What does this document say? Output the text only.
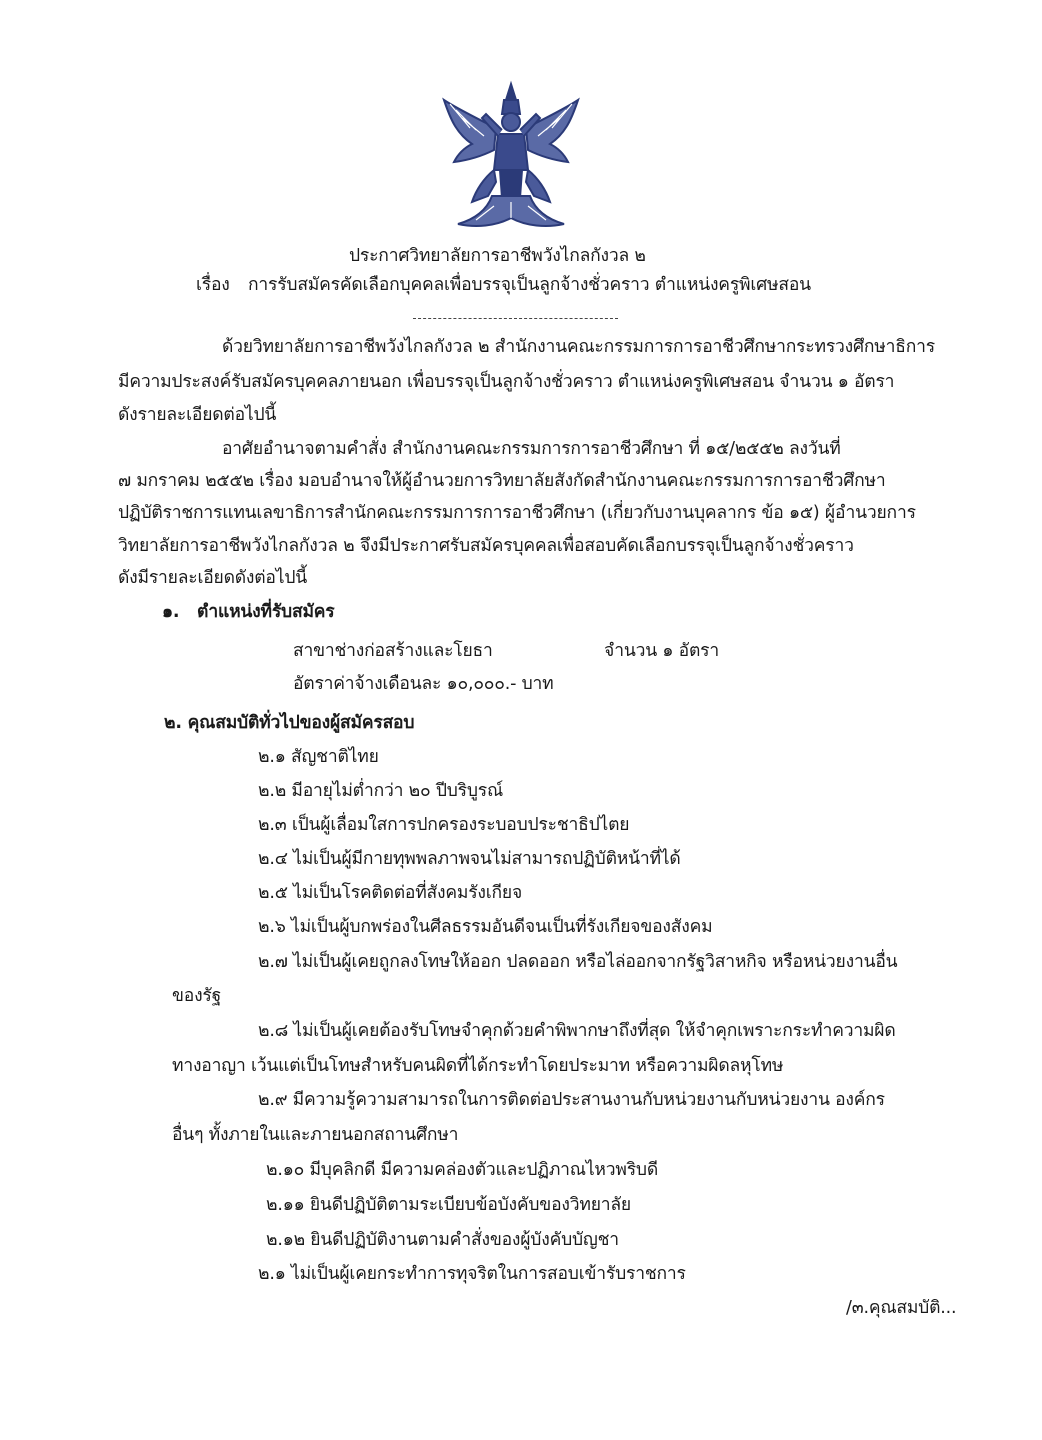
ประกาศวิทยาลัยการอาชีพวังไกลกังวล ๒
เรื่อง การรับสมัครคัดเลือกบุคคลเพื่อบรรจุเป็นลูกจ้างชั่วคราว ตำแหน่งครูพิเศษสอน
ด้วยวิทยาลัยการอาชีพวังไกลกังวล ๒ สำนักงานคณะกรรมการการอาชีวศึกษากระทรวงศึกษาธิการ
มีความประสงค์รับสมัครบุคคลภายนอก เพื่อบรรจุเป็นลูกจ้างชั่วคราว ตำแหน่งครูพิเศษสอน จำนวน ๑ อัตรา
ดังรายละเอียดต่อไปนี้
อาศัยอำนาจตามคำสั่ง สำนักงานคณะกรรมการการอาชีวศึกษา ที่ ๑๕/๒๕๕๒ ลงวันที่
๗ มกราคม ๒๕๕๒ เรื่อง มอบอำนาจให้ผู้อำนวยการวิทยาลัยสังกัดสำนักงานคณะกรรมการการอาชีวศึกษา
ปฏิบัติราชการแทนเลขาธิการสำนักคณะกรรมการการอาชีวศึกษา (เกี่ยวกับงานบุคลากร ข้อ ๑๕) ผู้อำนวยการ
วิทยาลัยการอาชีพวังไกลกังวล ๒ จึงมีประกาศรับสมัครบุคคลเพื่อสอบคัดเลือกบรรจุเป็นลูกจ้างชั่วคราว
ดังมีรายละเอียดดังต่อไปนี้
๑. ตำแหน่งที่รับสมัคร
สาขาช่างก่อสร้างและโยธา	จำนวน ๑ อัตรา
อัตราค่าจ้างเดือนละ ๑๐,๐๐๐.- บาท
๒. คุณสมบัติทั่วไปของผู้สมัครสอบ
๒.๑ สัญชาติไทย
๒.๒ มีอายุไม่ต่ำกว่า ๒๐ ปีบริบูรณ์
๒.๓ เป็นผู้เลื่อมใสการปกครองระบอบประชาธิปไตย
๒.๔ ไม่เป็นผู้มีกายทุพพลภาพจนไม่สามารถปฏิบัติหน้าที่ได้
๒.๕ ไม่เป็นโรคติดต่อที่สังคมรังเกียจ
๒.๖ ไม่เป็นผู้บกพร่องในศีลธรรมอันดีจนเป็นที่รังเกียจของสังคม
๒.๗ ไม่เป็นผู้เคยถูกลงโทษให้ออก ปลดออก หรือไล่ออกจากรัฐวิสาหกิจ หรือหน่วยงานอื่น
ของรัฐ
๒.๘ ไม่เป็นผู้เคยต้องรับโทษจำคุกด้วยคำพิพากษาถึงที่สุด ให้จำคุกเพราะกระทำความผิด
ทางอาญา เว้นแต่เป็นโทษสำหรับคนผิดที่ได้กระทำโดยประมาท หรือความผิดลหุโทษ
๒.๙ มีความรู้ความสามารถในการติดต่อประสานงานกับหน่วยงานกับหน่วยงาน องค์กร
อื่นๆ ทั้งภายในและภายนอกสถานศึกษา
๒.๑๐ มีบุคลิกดี มีความคล่องตัวและปฏิภาณไหวพริบดี
๒.๑๑ ยินดีปฏิบัติตามระเบียบข้อบังคับของวิทยาลัย
๒.๑๒ ยินดีปฏิบัติงานตามคำสั่งของผู้บังคับบัญชา
๒.๑ ไม่เป็นผู้เคยกระทำการทุจริตในการสอบเข้ารับราชการ
/๓.คุณสมบัติ...
